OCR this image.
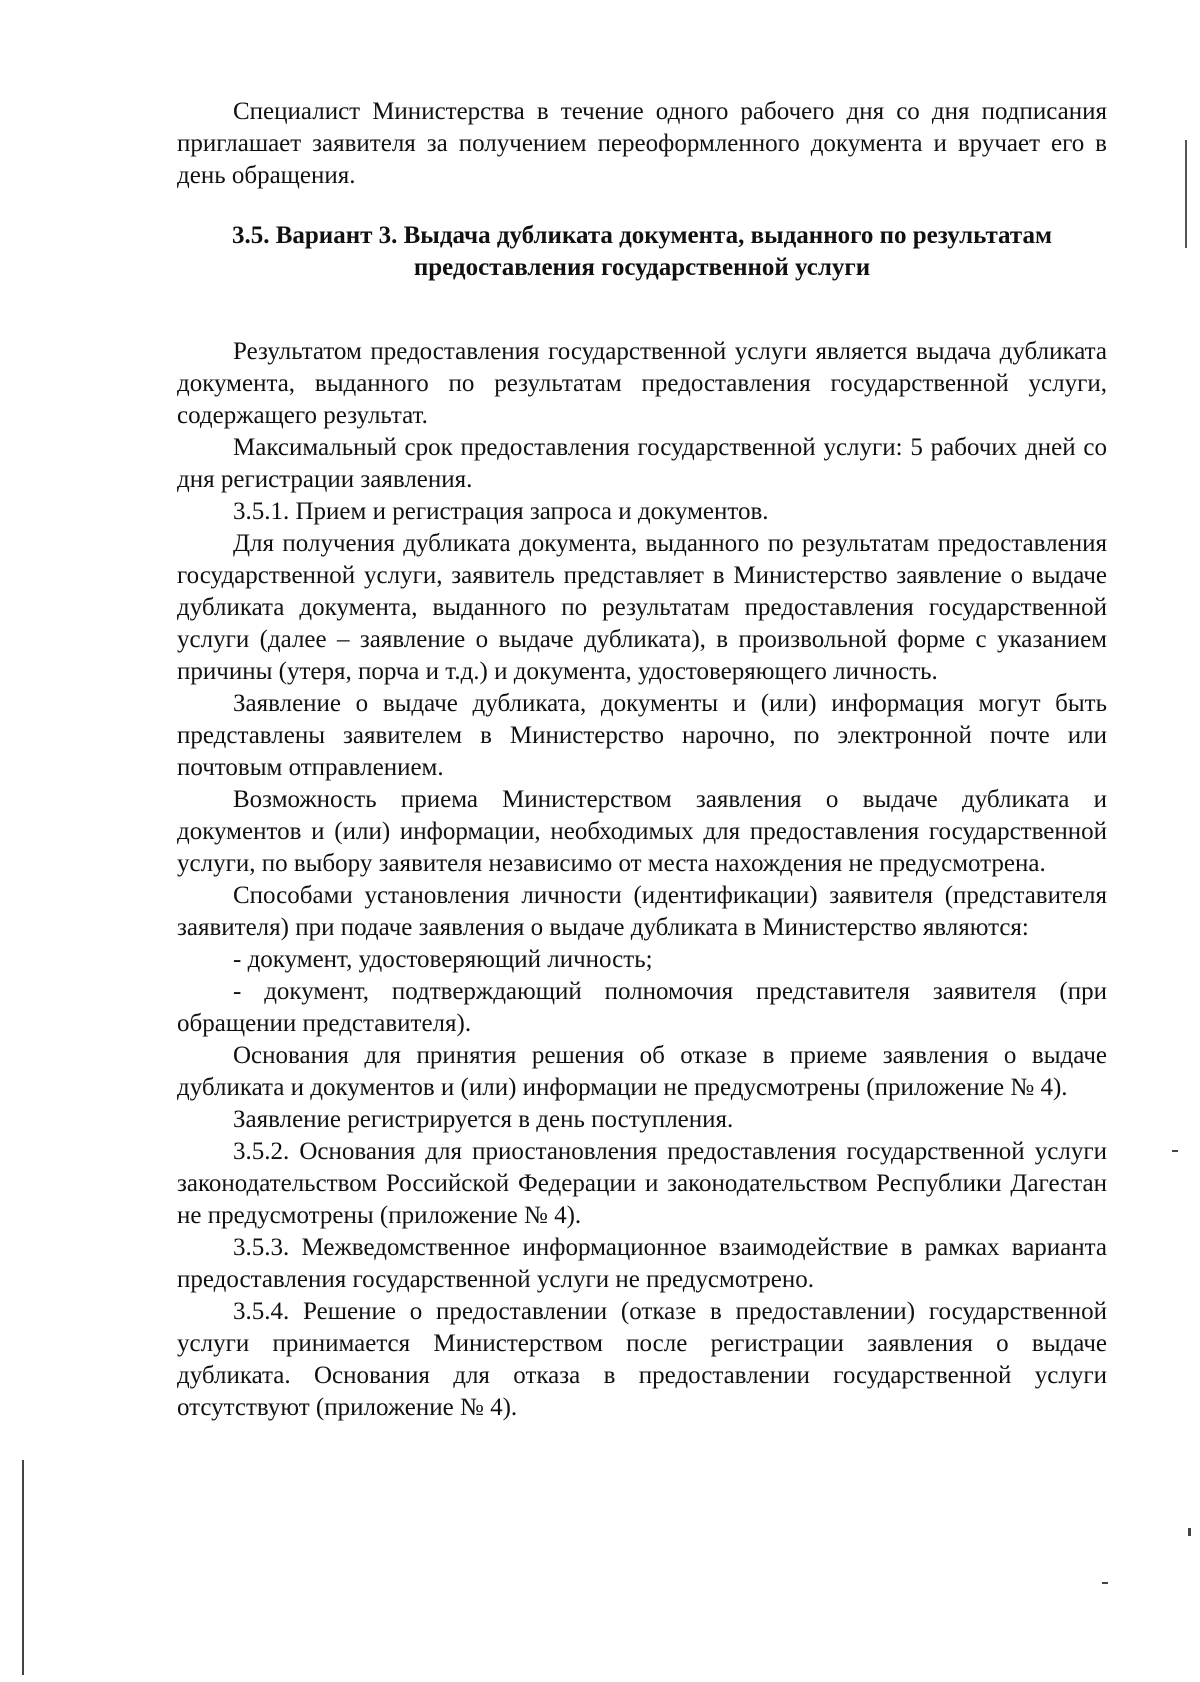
Специалист Министерства в течение одного рабочего дня со дня подписания приглашает заявителя за получением переоформленного документа и вручает его в день обращения.

3.5. Вариант 3. Выдача дубликата документа, выданного по результатам
предоставления государственной услуги

Результатом предоставления государственной услуги является выдача дубликата документа, выданного по результатам предоставления государственной услуги, содержащего результат.

Максимальный срок предоставления государственной услуги: 5 рабочих дней со дня регистрации заявления.

3.5.1. Прием и регистрация запроса и документов.

Для получения дубликата документа, выданного по результатам предоставления государственной услуги, заявитель представляет в Министерство заявление о выдаче дубликата документа, выданного по результатам предоставления государственной услуги (далее – заявление о выдаче дубликата), в произвольной форме с указанием причины (утеря, порча и т.д.) и документа, удостоверяющего личность.

Заявление о выдаче дубликата, документы и (или) информация могут быть представлены заявителем в Министерство нарочно, по электронной почте или почтовым отправлением.

Возможность приема Министерством заявления о выдаче дубликата и документов и (или) информации, необходимых для предоставления государственной услуги, по выбору заявителя независимо от места нахождения не предусмотрена.

Способами установления личности (идентификации) заявителя (представителя заявителя) при подаче заявления о выдаче дубликата в Министерство являются:

- документ, удостоверяющий личность;

- документ, подтверждающий полномочия представителя заявителя (при обращении представителя).

Основания для принятия решения об отказе в приеме заявления о выдаче дубликата и документов и (или) информации не предусмотрены (приложение № 4).

Заявление регистрируется в день поступления.

3.5.2. Основания для приостановления предоставления государственной услуги законодательством Российской Федерации и законодательством Республики Дагестан не предусмотрены (приложение № 4).

3.5.3. Межведомственное информационное взаимодействие в рамках варианта предоставления государственной услуги не предусмотрено.

3.5.4. Решение о предоставлении (отказе в предоставлении) государственной услуги принимается Министерством после регистрации заявления о выдаче дубликата. Основания для отказа в предоставлении государственной услуги отсутствуют (приложение № 4).
